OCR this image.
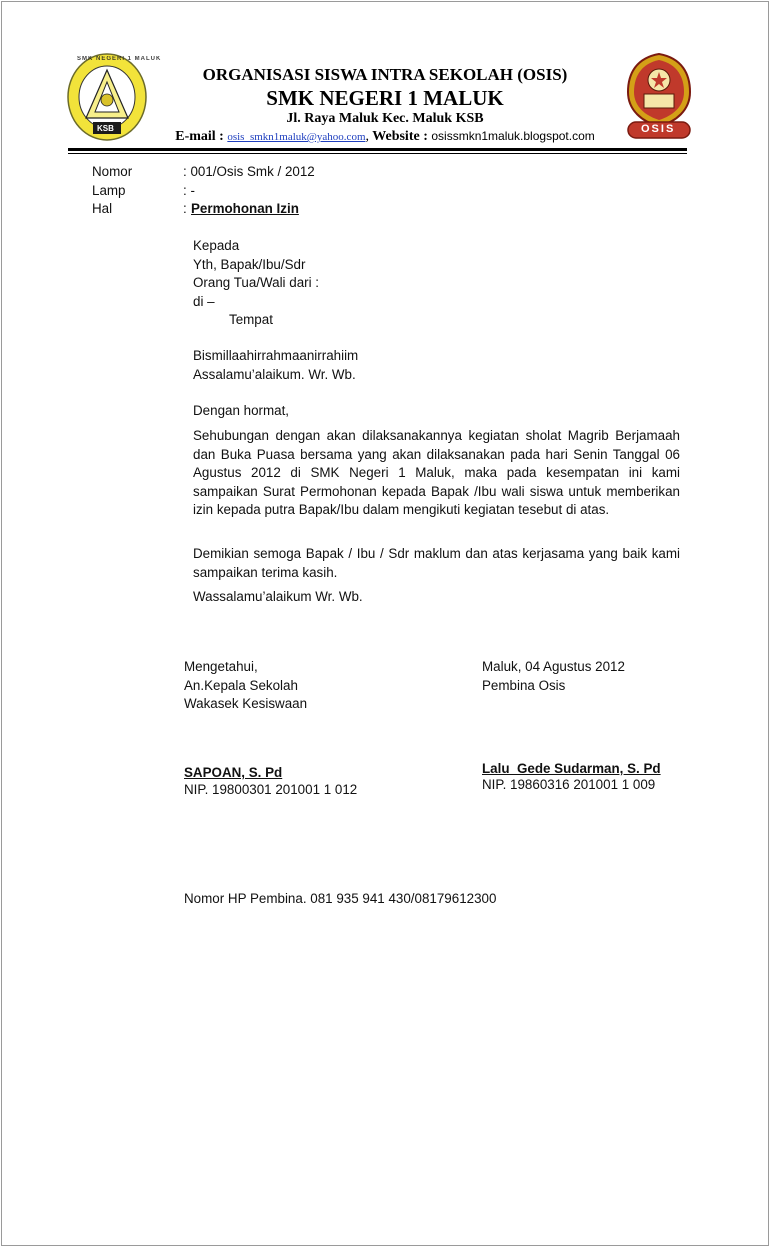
KSB
SMK NEGERI 1 MALUK
OSIS
ORGANISASI SISWA INTRA SEKOLAH (OSIS)
SMK NEGERI 1 MALUK
Jl. Raya Maluk Kec. Maluk KSB
E-mail : osis_smkn1maluk@yahoo.com, Website : osissmkn1maluk.blogspot.com
Nomor	: 001/Osis Smk / 2012
Lamp	: -
Hal	: Permohonan Izin
Kepada
Yth, Bapak/Ibu/Sdr
Orang Tua/Wali dari :
di –
Tempat
Bismillaahirrahmaanirrahiim
Assalamu’alaikum. Wr. Wb.
Dengan hormat,
Sehubungan dengan akan dilaksanakannya kegiatan sholat Magrib Berjamaah dan Buka Puasa bersama yang akan dilaksanakan pada hari Senin Tanggal 06 Agustus 2012 di SMK Negeri 1 Maluk, maka pada kesempatan ini kami sampaikan Surat Permohonan kepada Bapak /Ibu wali siswa untuk memberikan izin kepada putra Bapak/Ibu dalam mengikuti kegiatan tesebut di atas.
Demikian semoga Bapak / Ibu / Sdr maklum dan atas kerjasama yang baik kami sampaikan terima kasih.
Wassalamu’alaikum Wr. Wb.
Mengetahui,
An.Kepala Sekolah
Wakasek Kesiswaan
SAPOAN, S. Pd
NIP. 19800301 201001 1 012
Maluk, 04 Agustus 2012
Pembina Osis
Lalu  Gede Sudarman, S. Pd
NIP. 19860316 201001 1 009
Nomor HP Pembina. 081 935 941 430/08179612300
